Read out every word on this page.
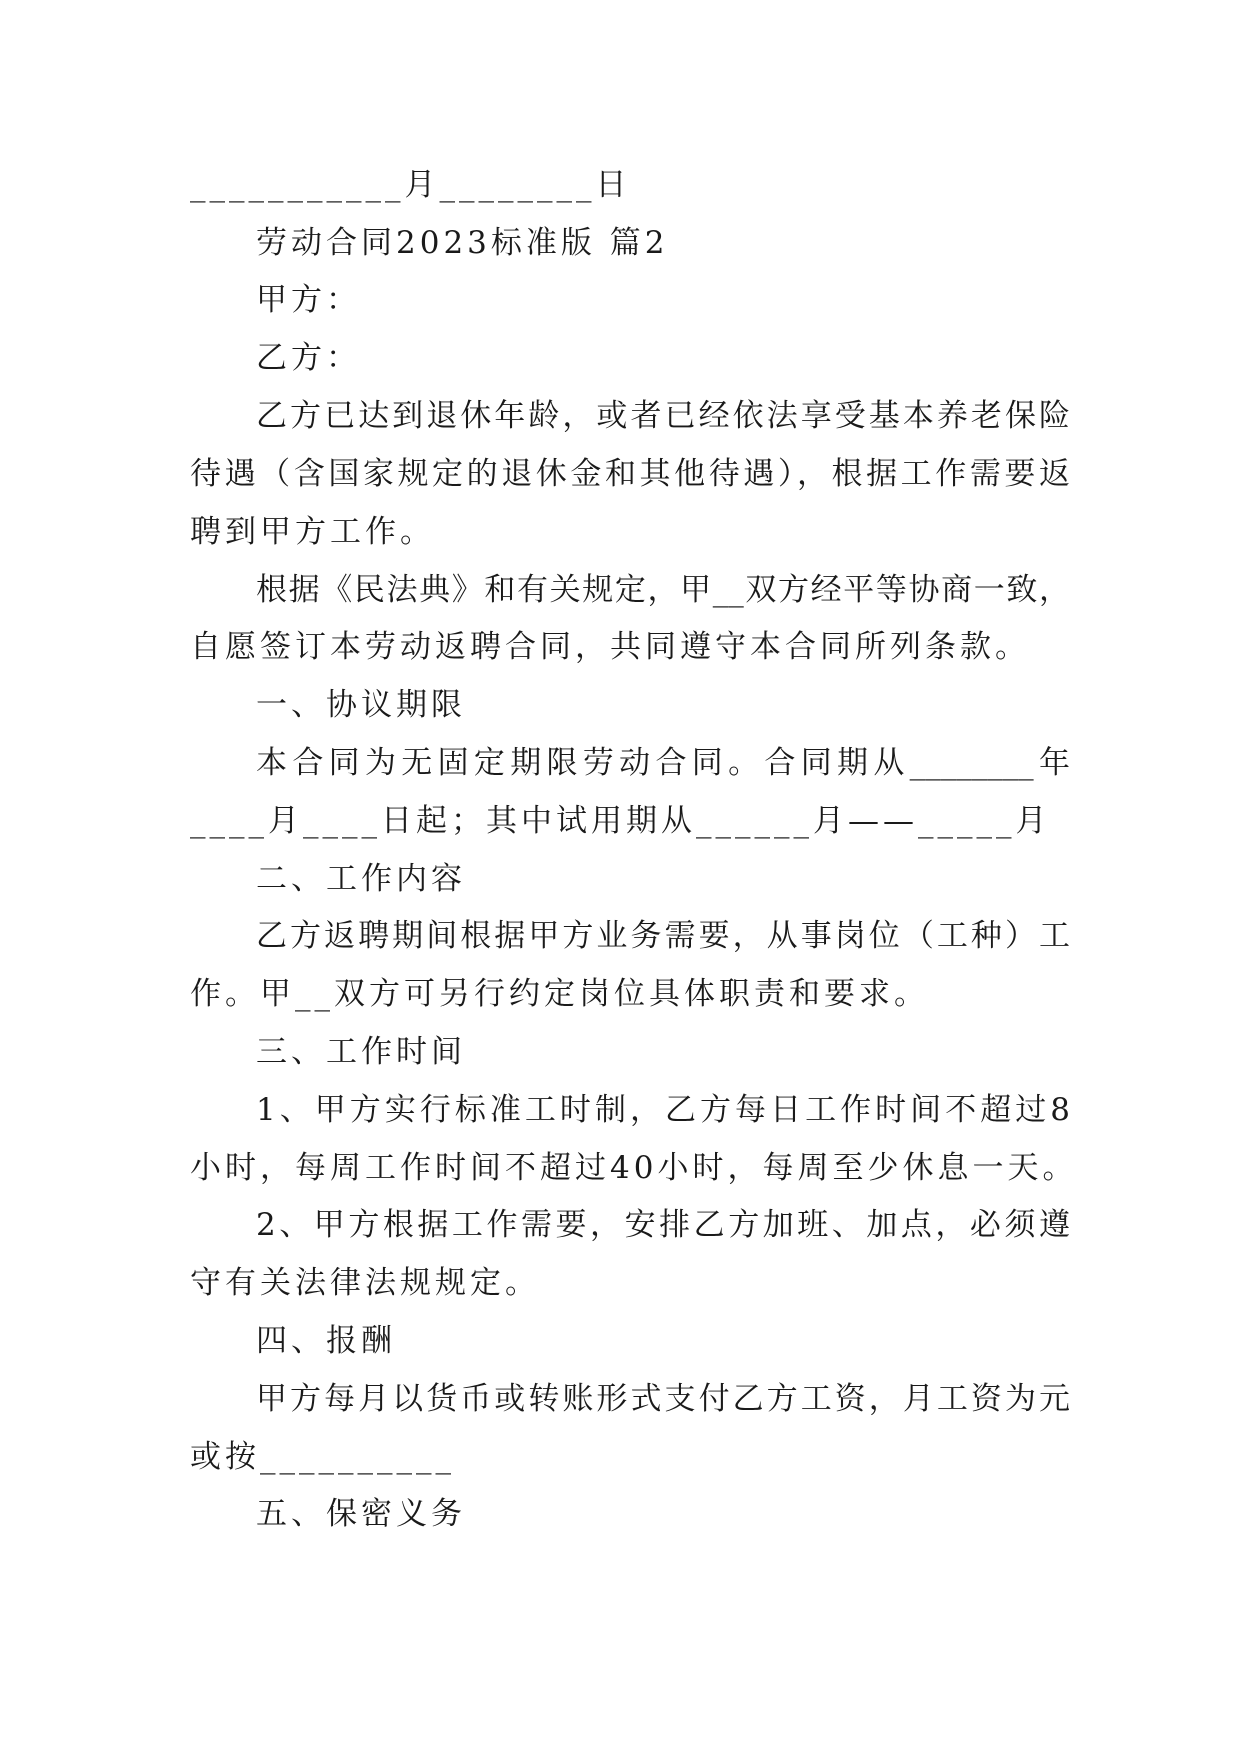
___________月________日
劳动合同2023标准版 篇2
甲方：
乙方：
乙方已达到退休年龄，或者已经依法享受基本养老保险
待遇（含国家规定的退休金和其他待遇），根据工作需要返
聘到甲方工作。
根据《民法典》和有关规定，甲__双方经平等协商一致，
自愿签订本劳动返聘合同，共同遵守本合同所列条款。
一、协议期限
本合同为无固定期限劳动合同。合同期从________年
____月____日起；其中试用期从______月——_____月
二、工作内容
乙方返聘期间根据甲方业务需要，从事岗位（工种）工
作。甲__双方可另行约定岗位具体职责和要求。
三、工作时间
1、甲方实行标准工时制，乙方每日工作时间不超过8
小时，每周工作时间不超过40小时，每周至少休息一天。
2、甲方根据工作需要，安排乙方加班、加点，必须遵
守有关法律法规规定。
四、报酬
甲方每月以货币或转账形式支付乙方工资，月工资为元
或按__________
五、保密义务
